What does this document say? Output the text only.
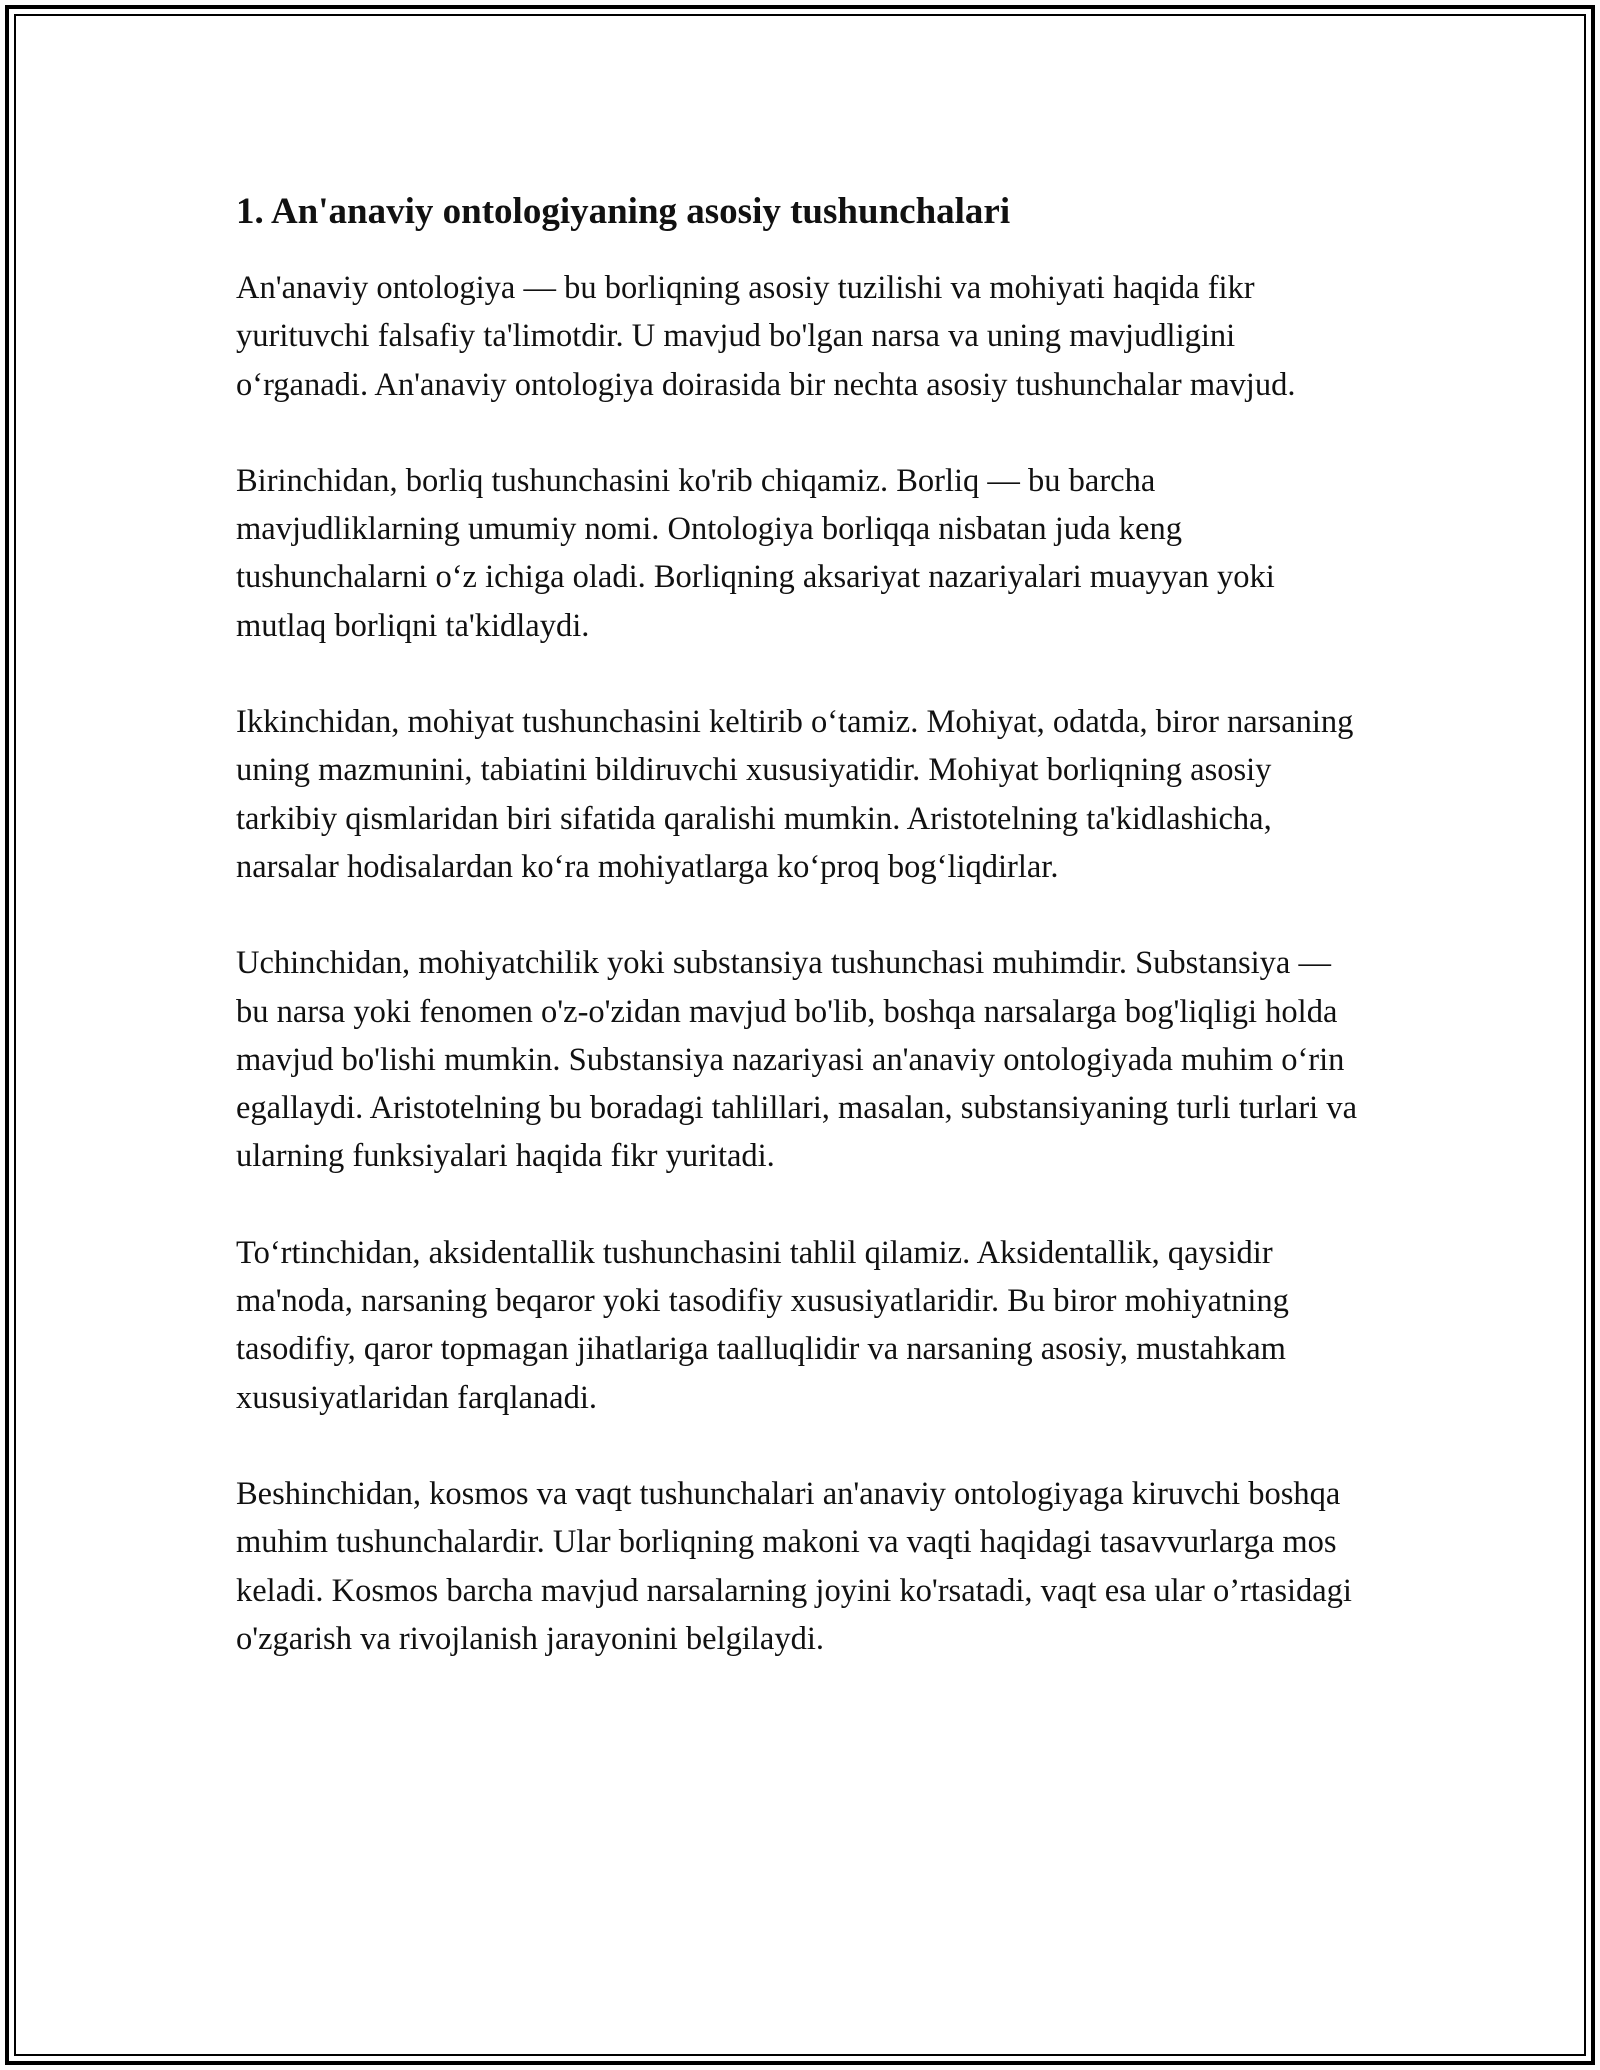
1. An'anaviy ontologiyaning asosiy tushunchalari

An'anaviy ontologiya — bu borliqning asosiy tuzilishi va mohiyati haqida fikr yurituvchi falsafiy ta'limotdir. U mavjud bo'lgan narsa va uning mavjudligini o‘rganadi. An'anaviy ontologiya doirasida bir nechta asosiy tushunchalar mavjud.

Birinchidan, borliq tushunchasini ko'rib chiqamiz. Borliq — bu barcha mavjudliklarning umumiy nomi. Ontologiya borliqqa nisbatan juda keng tushunchalarni o‘z ichiga oladi. Borliqning aksariyat nazariyalari muayyan yoki mutlaq borliqni ta'kidlaydi.

Ikkinchidan, mohiyat tushunchasini keltirib o‘tamiz. Mohiyat, odatda, biror narsaning uning mazmunini, tabiatini bildiruvchi xususiyatidir. Mohiyat borliqning asosiy tarkibiy qismlaridan biri sifatida qaralishi mumkin. Aristotelning ta'kidlashicha, narsalar hodisalardan ko‘ra mohiyatlarga ko‘proq bog‘liqdirlar.

Uchinchidan, mohiyatchilik yoki substansiya tushunchasi muhimdir. Substansiya — bu narsa yoki fenomen o'z-o'zidan mavjud bo'lib, boshqa narsalarga bog'liqligi holda mavjud bo'lishi mumkin. Substansiya nazariyasi an'anaviy ontologiyada muhim o‘rin egallaydi. Aristotelning bu boradagi tahlillari, masalan, substansiyaning turli turlari va ularning funksiyalari haqida fikr yuritadi.

To‘rtinchidan, aksidentallik tushunchasini tahlil qilamiz. Aksidentallik, qaysidir ma'noda, narsaning beqaror yoki tasodifiy xususiyatlaridir. Bu biror mohiyatning tasodifiy, qaror topmagan jihatlariga taalluqlidir va narsaning asosiy, mustahkam xususiyatlaridan farqlanadi.

Beshinchidan, kosmos va vaqt tushunchalari an'anaviy ontologiyaga kiruvchi boshqa muhim tushunchalardir. Ular borliqning makoni va vaqti haqidagi tasavvurlarga mos keladi. Kosmos barcha mavjud narsalarning joyini ko'rsatadi, vaqt esa ular o’rtasidagi o'zgarish va rivojlanish jarayonini belgilaydi.
